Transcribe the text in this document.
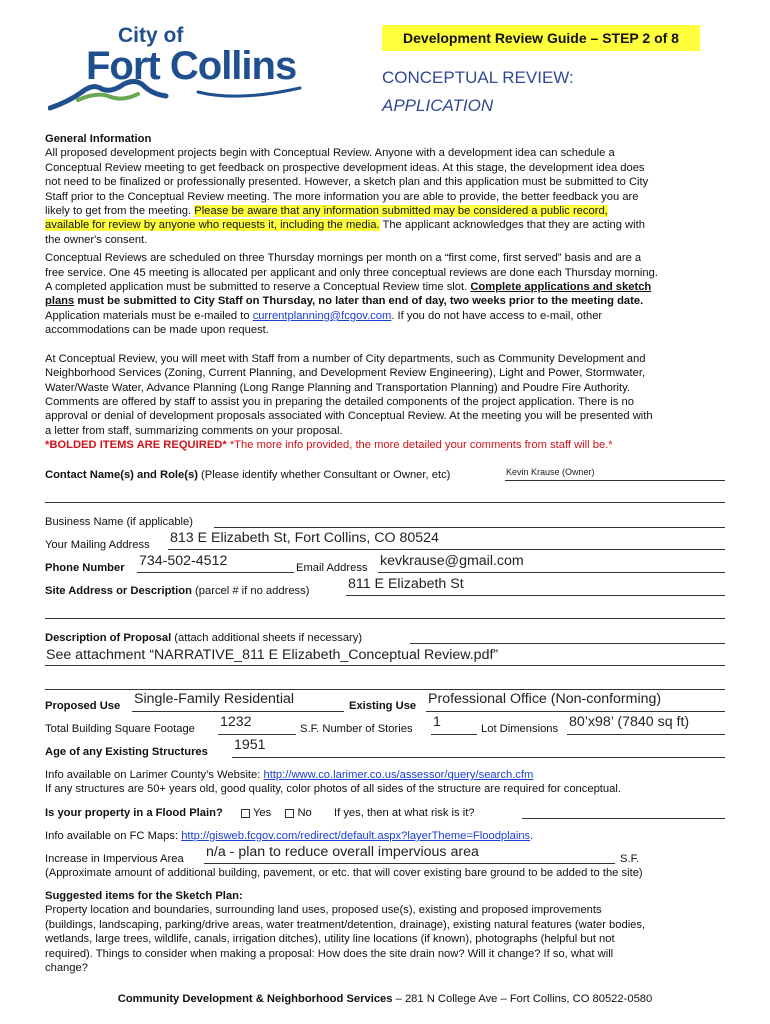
City of
Fort Collins
Development Review Guide – STEP 2 of 8
CONCEPTUAL REVIEW:
APPLICATION
General Information
All proposed development projects begin with Conceptual Review. Anyone with a development idea can schedule a
Conceptual Review meeting to get feedback on prospective development ideas. At this stage, the development idea does
not need to be finalized or professionally presented. However, a sketch plan and this application must be submitted to City
Staff prior to the Conceptual Review meeting. The more information you are able to provide, the better feedback you are
likely to get from the meeting. Please be aware that any information submitted may be considered a public record,
available for review by anyone who requests it, including the media. The applicant acknowledges that they are acting with
the owner's consent.
Conceptual Reviews are scheduled on three Thursday mornings per month on a “first come, first served” basis and are a
free service. One 45 meeting is allocated per applicant and only three conceptual reviews are done each Thursday morning.
A completed application must be submitted to reserve a Conceptual Review time slot. Complete applications and sketch
plans must be submitted to City Staff on Thursday, no later than end of day, two weeks prior to the meeting date.
Application materials must be e-mailed to currentplanning@fcgov.com. If you do not have access to e-mail, other
accommodations can be made upon request.
At Conceptual Review, you will meet with Staff from a number of City departments, such as Community Development and
Neighborhood Services (Zoning, Current Planning, and Development Review Engineering), Light and Power, Stormwater,
Water/Waste Water, Advance Planning (Long Range Planning and Transportation Planning) and Poudre Fire Authority.
Comments are offered by staff to assist you in preparing the detailed components of the project application. There is no
approval or denial of development proposals associated with Conceptual Review. At the meeting you will be presented with
a letter from staff, summarizing comments on your proposal.
*BOLDED ITEMS ARE REQUIRED* *The more info provided, the more detailed your comments from staff will be.*
Contact Name(s) and Role(s) (Please identify whether Consultant or Owner, etc)	Kevin Krause (Owner)
Business Name (if applicable)
Your Mailing Address 813 E Elizabeth St, Fort Collins, CO 80524
Phone Number 734-502-4512	Email Address kevkrause@gmail.com
Site Address or Description (parcel # if no address)	811 E Elizabeth St
Description of Proposal (attach additional sheets if necessary)
See attachment “NARRATIVE_811 E Elizabeth_Conceptual Review.pdf”
Proposed Use Single-Family Residential	Existing Use Professional Office (Non-conforming)
Total Building Square Footage 1232	S.F. Number of Stories 1	Lot Dimensions 80’x98’ (7840 sq ft)
Age of any Existing Structures 1951
Info available on Larimer County’s Website: http://www.co.larimer.co.us/assessor/query/search.cfm
If any structures are 50+ years old, good quality, color photos of all sides of the structure are required for conceptual.
Is your property in a Flood Plain?	Yes No If yes, then at what risk is it?
Info available on FC Maps: http://gisweb.fcgov.com/redirect/default.aspx?layerTheme=Floodplains.
Increase in Impervious Area n/a - plan to reduce overall impervious area	S.F.
(Approximate amount of additional building, pavement, or etc. that will cover existing bare ground to be added to the site)
Suggested items for the Sketch Plan:
Property location and boundaries, surrounding land uses, proposed use(s), existing and proposed improvements
(buildings, landscaping, parking/drive areas, water treatment/detention, drainage), existing natural features (water bodies,
wetlands, large trees, wildlife, canals, irrigation ditches), utility line locations (if known), photographs (helpful but not
required). Things to consider when making a proposal: How does the site drain now? Will it change? If so, what will
change?
Community Development & Neighborhood Services – 281 N College Ave – Fort Collins, CO 80522-0580
